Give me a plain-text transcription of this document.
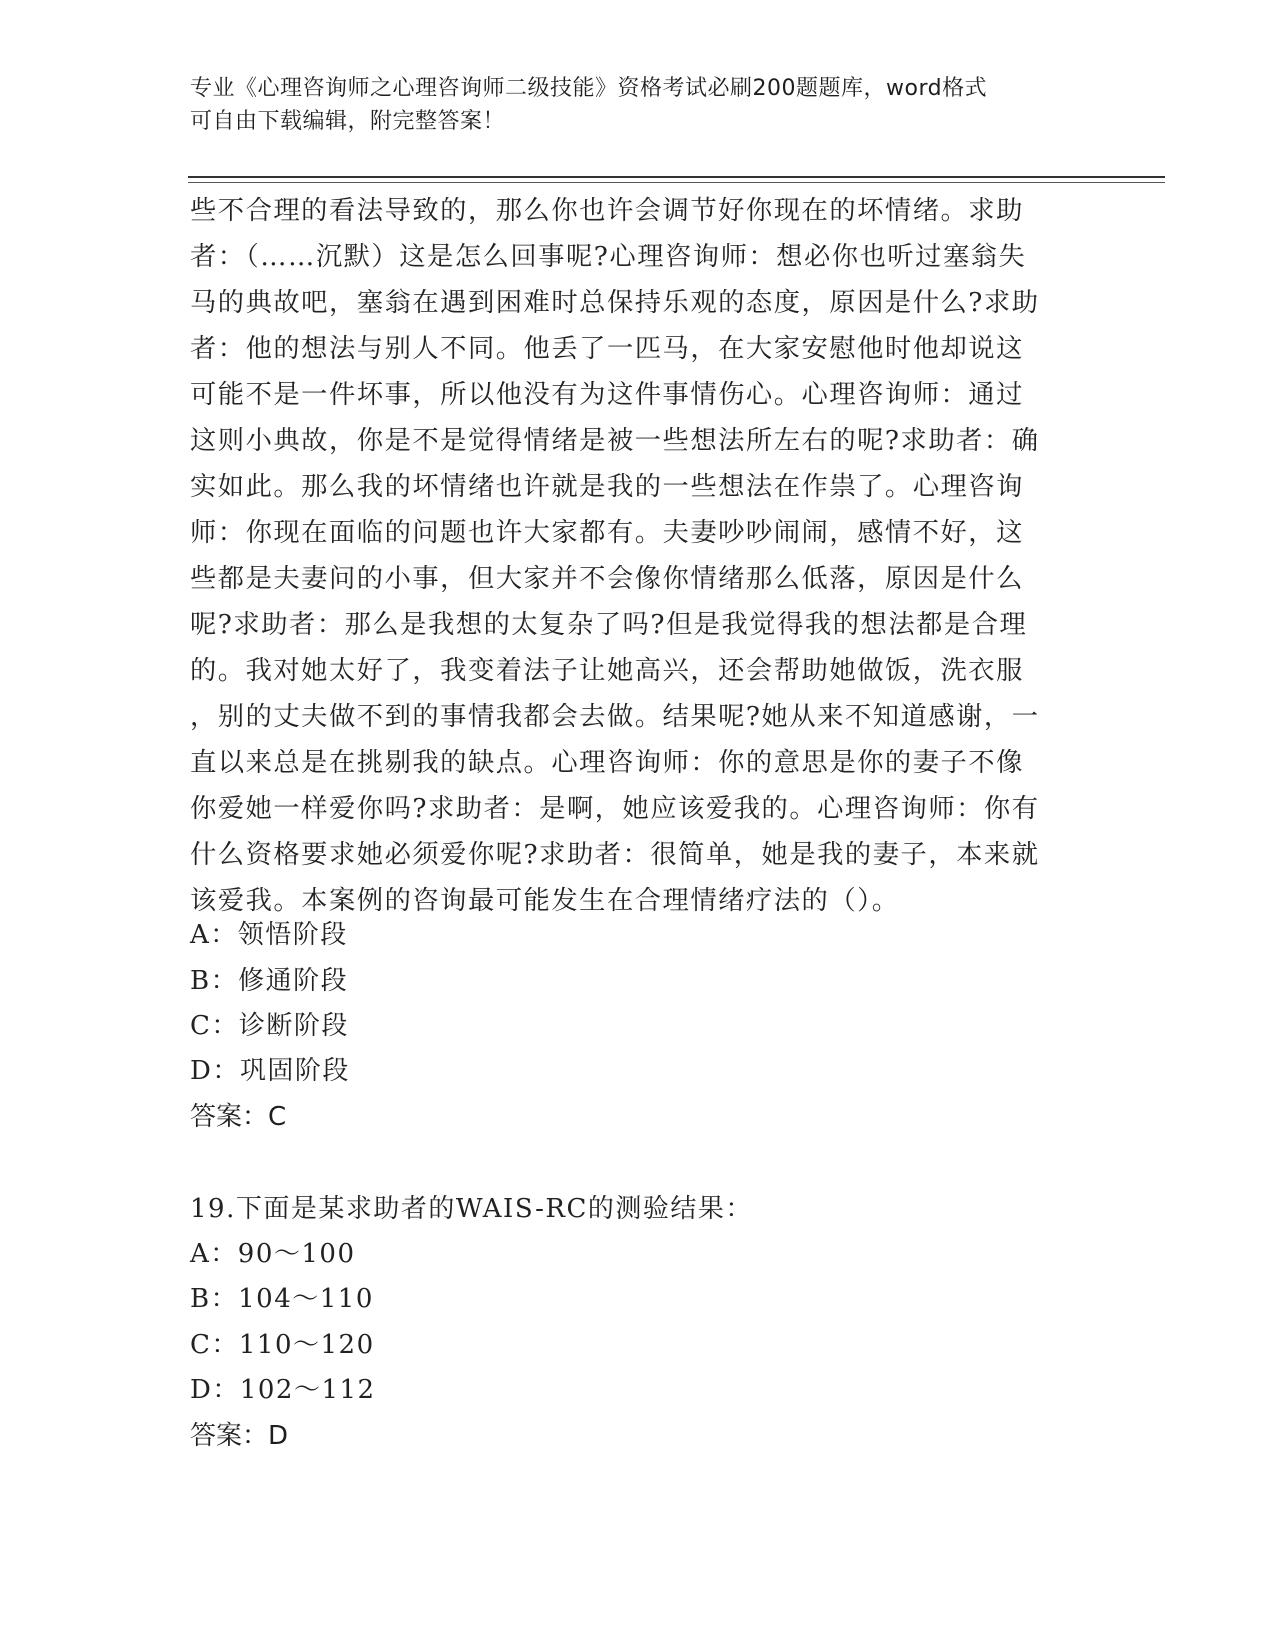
专业《心理咨询师之心理咨询师二级技能》资格考试必刷200题题库，word格式
可自由下载编辑，附完整答案！
些不合理的看法导致的，那么你也许会调节好你现在的坏情绪。求助
者：（……沉默）这是怎么回事呢?心理咨询师：想必你也听过塞翁失
马的典故吧，塞翁在遇到困难时总保持乐观的态度，原因是什么?求助
者：他的想法与别人不同。他丢了一匹马，在大家安慰他时他却说这
可能不是一件坏事，所以他没有为这件事情伤心。心理咨询师：通过
这则小典故，你是不是觉得情绪是被一些想法所左右的呢?求助者：确
实如此。那么我的坏情绪也许就是我的一些想法在作祟了。心理咨询
师：你现在面临的问题也许大家都有。夫妻吵吵闹闹，感情不好，这
些都是夫妻问的小事，但大家并不会像你情绪那么低落，原因是什么
呢?求助者：那么是我想的太复杂了吗?但是我觉得我的想法都是合理
的。我对她太好了，我变着法子让她高兴，还会帮助她做饭，洗衣服
，别的丈夫做不到的事情我都会去做。结果呢?她从来不知道感谢，一
直以来总是在挑剔我的缺点。心理咨询师：你的意思是你的妻子不像
你爱她一样爱你吗?求助者：是啊，她应该爱我的。心理咨询师：你有
什么资格要求她必须爱你呢?求助者：很简单，她是我的妻子，本来就
该爱我。本案例的咨询最可能发生在合理情绪疗法的（）。
A：领悟阶段
B：修通阶段
C：诊断阶段
D：巩固阶段
答案：C
19.下面是某求助者的WAIS-RC的测验结果：
A：90～100
B：104～110
C：110～120
D：102～112
答案：D
